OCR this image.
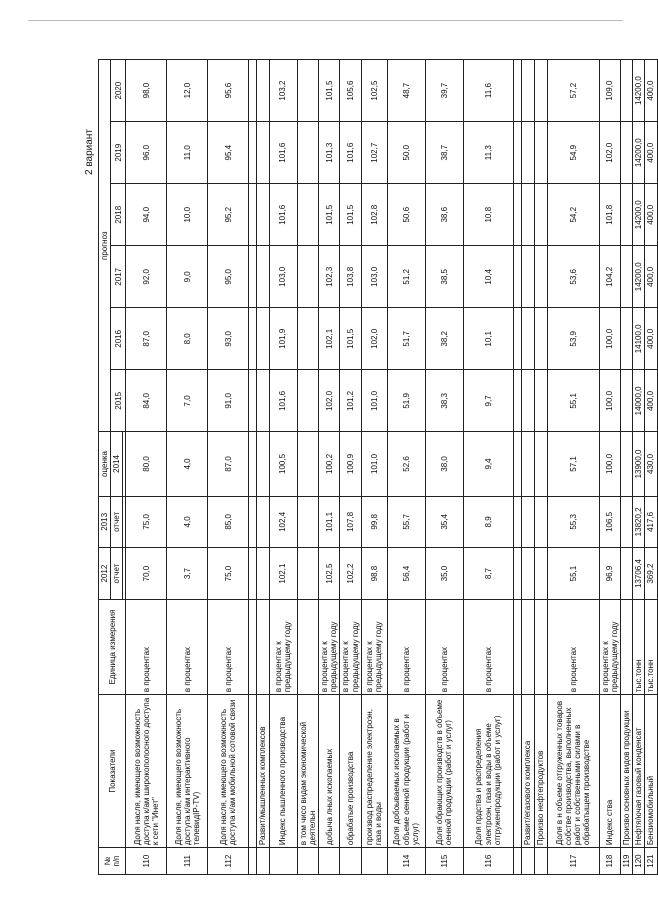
2 вариант
№
п/п	Показатели	Единица измерения	2012	2013	оценка	прогноз					
			отчет	отчет	2014	2015	2016	2017	2018	2019	2020

110	Доля насля, имеющего возможность доступа к/ам широкополосного доступа к сети "Инет"	в процентах	70,0	75,0	80,0	84,0	87,0	92,0	94,0	96,0	98,0
111	Доля насля, имеющего возможность доступа к/ам интерактивного телевидIP-TV)	в процентах	3,7	4,0	4,0	7,0	8,0	9,0	10,0	11,0	12,0
112	Доля насля, имеющего возможность доступа к/ам мобильной сотовой связи	в процентах	75,0	85,0	87,0	91,0	93,0	95,0	95,2	95,4	95,6

	Развит/мышленных комплексов										
	Индекс пышленного производства	в процентах к предыдущему году	102,1	102,4	100,5	101,6	101,9	103,0	101,6	101,6	103,2
	в том чисо видам экономической деятельн										
	добыча лных ископаемых	в процентах к предыдущему году	102,5	101,1	100,2	102,0	102,1	102,3	101,5	101,3	101,5
	обрабатые производства	в процентах к предыдущему году	102,2	107,8	100,9	101,2	101,5	103,8	101,5	101,6	105,6
	производ распределение электроэн, газа и воды	в процентах к предыдущему году	98,8	99,8	101,0	101,0	102,0	103,0	102,8	102,7	102,5
114	Доля добоываемых ископаемых в объеме оенной продукции (работ и услуг)	в процентах	56,4	55,7	52,6	51,9	51,7	51,2	50,6	50,0	48,7
115	Доля обрающих производств в объеме оенной продукции (работ и услуг)	в процентах	35,0	35,4	38,0	38,3	38,2	38,5	38,6	38,7	39,7
116	Доля прдства и распределения электроэн, газа и воды в объеме отгруженпродукции (работ и услуг)	в процентах	8,7	8,9	9,4	9,7	10,1	10,4	10,8	11,3	11,6

	Развит/егазового комплекса										
	Произво нефтепродуктов										
117	Доля в н объеме отгруженных товаров собстве производства, выполненных работ и собственными силами в обрабатыщем производстве	в процентах	55,1	55,3	57,1	55,1	53,9	53,6	54,2	54,9	57,2
118	Индекс ства	в процентах к предыдущему году	96,9	106,5	100,0	100,0	100,0	104,2	101,8	102,0	109,0
119	Произво основных видов продукции										
120	Нефтя/ючая газовый конденсат	тыс.тонн	13706,4	13820,2	13900,0	14000,0	14100,0	14200,0	14200,0	14200,0	14200,0
121	Бензиомобильный	тыс.тонн	369,2	417,6	430,0	400,0	400,0	400,0	400,0	400,0	400,0
